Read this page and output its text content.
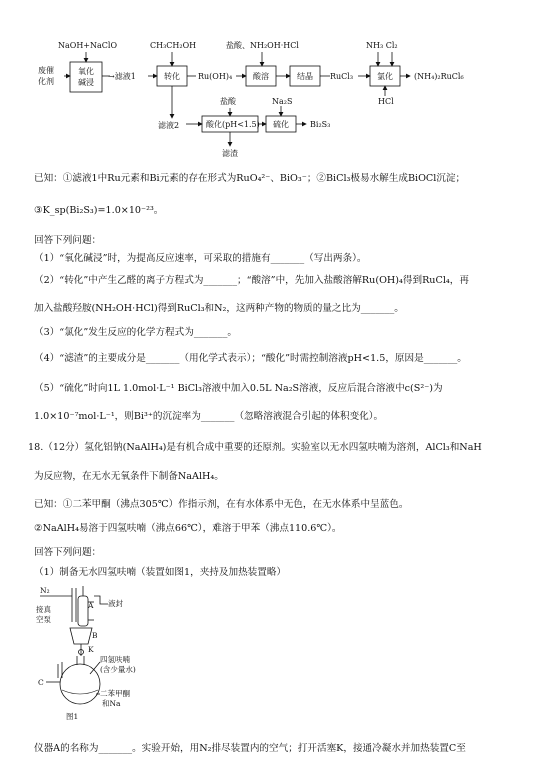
NaOH+NaClO
废催
化剂
氧化
碱浸
→滤液1
CH₃CH₂OH
转化 Ru(OH)₄
盐酸、NH₂OH·HCl
酸溶	结晶 RuCl₃
NH₃ Cl₂
氯化	(NH₄)₂RuCl₆
HCl
滤液2
盐酸
酸化(pH<1.5)
Na₂S
硫化	Bi₂S₃
滤渣
已知：①滤液1中Ru元素和Bi元素的存在形式为RuO₄²⁻、BiO₃⁻；②BiCl₃极易水解生成BiOCl沉淀；
③K_sp(Bi₂S₃)=1.0×10⁻²³。
回答下列问题：
（1）“氧化碱浸”时，为提高反应速率，可采取的措施有_______（写出两条）。
（2）“转化”中产生乙醛的离子方程式为_______；“酸溶”中，先加入盐酸溶解Ru(OH)₄得到RuCl₄，再
加入盐酸羟胺(NH₂OH·HCl)得到RuCl₃和N₂，这两种产物的物质的量之比为_______。
（3）“氯化”发生反应的化学方程式为_______。
（4）“滤渣”的主要成分是_______（用化学式表示）；“酸化”时需控制溶液pH<1.5，原因是_______。
（5）“硫化”时向1L 1.0mol·L⁻¹ BiCl₃溶液中加入0.5L Na₂S溶液，反应后混合溶液中c(S²⁻)为
1.0×10⁻⁷mol·L⁻¹，则Bi³⁺的沉淀率为_______（忽略溶液混合引起的体积变化）。
18.（12分）氢化铝钠(NaAlH₄)是有机合成中重要的还原剂。实验室以无水四氢呋喃为溶剂，AlCl₃和NaH
为反应物，在无水无氧条件下制备NaAlH₄。
已知：①二苯甲酮（沸点305℃）作指示剂，在有水体系中无色，在无水体系中呈蓝色。
②NaAlH₄易溶于四氢呋喃（沸点66℃），难溶于甲苯（沸点110.6℃）。
回答下列问题：
（1）制备无水四氢呋喃（装置如图1，夹持及加热装置略）
仪器A的名称为_______。实验开始，用N₂排尽装置内的空气；打开活塞K，接通冷凝水并加热装置C至
N₂
接真
空泵
A 液封
B
K
四氢呋喃
(含少量水)
C
二苯甲酮
和Na
图1
